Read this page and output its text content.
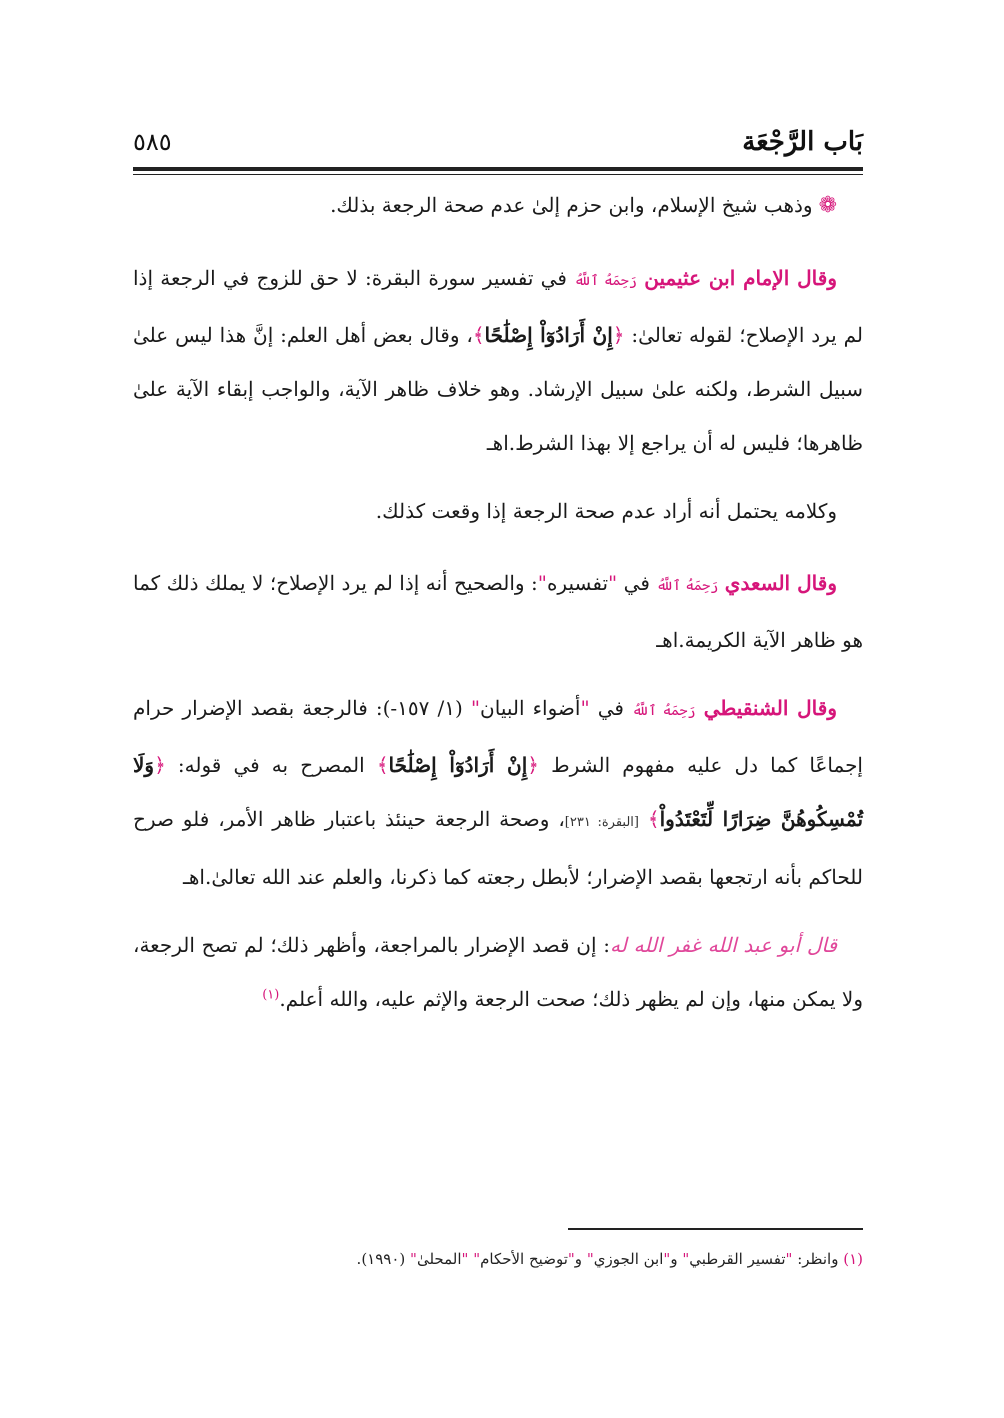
بَاب الرَّجْعَة
٥٨٥

❁وذهب شيخ الإسلام، وابن حزم إلىٰ عدم صحة الرجعة بذلك.

وقال الإمام ابن عثيمين رَحِمَهُ ٱللَّهُ في تفسير سورة البقرة: لا حق للزوج في الرجعة إذا لم يرد الإصلاح؛ لقوله تعالىٰ: ﴿إِنْ أَرَادُوٓاْ إِصْلَٰحًا﴾، وقال بعض أهل العلم: إنَّ هذا ليس علىٰ سبيل الشرط، ولكنه علىٰ سبيل الإرشاد. وهو خلاف ظاهر الآية، والواجب إبقاء الآية علىٰ ظاهرها؛ فليس له أن يراجع إلا بهذا الشرط.اهـ

وكلامه يحتمل أنه أراد عدم صحة الرجعة إذا وقعت كذلك.

وقال السعدي رَحِمَهُ ٱللَّهُ في "تفسيره": والصحيح أنه إذا لم يرد الإصلاح؛ لا يملك ذلك كما هو ظاهر الآية الكريمة.اهـ

وقال الشنقيطي رَحِمَهُ ٱللَّهُ في "أضواء البيان" (١/ ١٥٧-): فالرجعة بقصد الإضرار حرام إجماعًا كما دل عليه مفهوم الشرط ﴿إِنْ أَرَادُوٓاْ إِصْلَٰحًا﴾ المصرح به في قوله: ﴿وَلَا تُمْسِكُوهُنَّ ضِرَارًا لِّتَعْتَدُواْ﴾ [البقرة: ٢٣١]، وصحة الرجعة حينئذ باعتبار ظاهر الأمر، فلو صرح للحاكم بأنه ارتجعها بقصد الإضرار؛ لأبطل رجعته كما ذكرنا، والعلم عند الله تعالىٰ.اهـ

قال أبو عبد الله غفر الله له: إن قصد الإضرار بالمراجعة، وأظهر ذلك؛ لم تصح الرجعة، ولا يمكن منها، وإن لم يظهر ذلك؛ صحت الرجعة والإثم عليه، والله أعلم.$^{(١)}$

(١) وانظر: "تفسير القرطبي" و"ابن الجوزي" و"توضيح الأحكام" "المحلىٰ" (١٩٩٠).
